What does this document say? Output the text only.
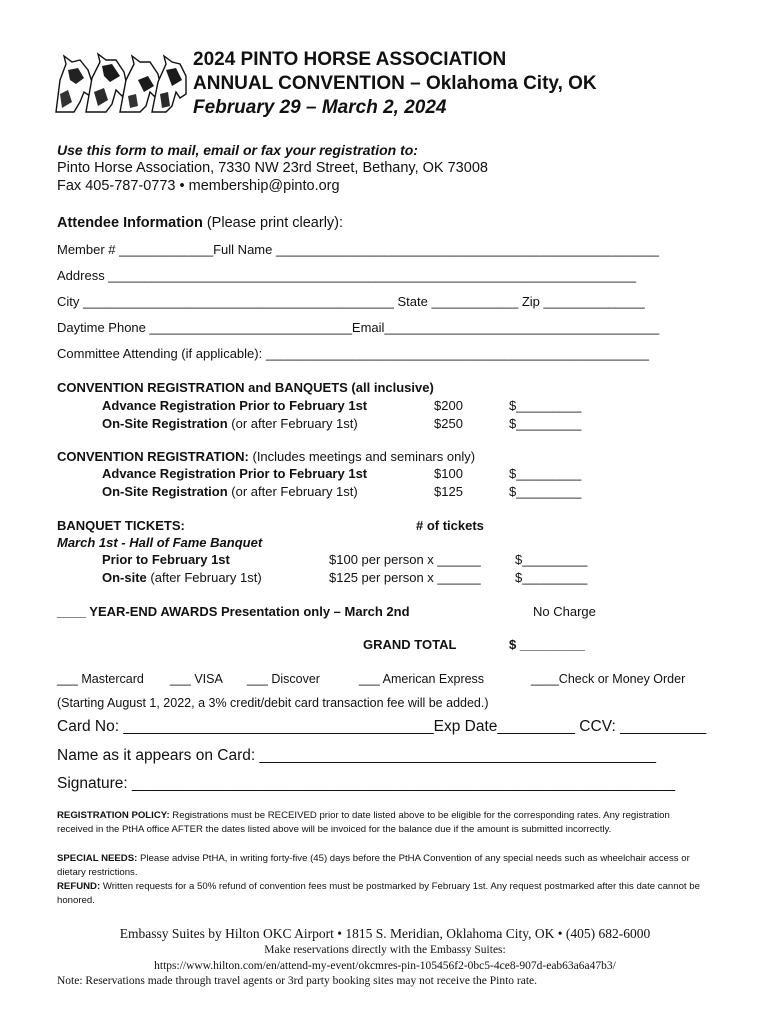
2024 PINTO HORSE ASSOCIATION
ANNUAL CONVENTION – Oklahoma City, OK
February 29 – March 2, 2024
Use this form to mail, email or fax your registration to:
Pinto Horse Association, 7330 NW 23rd Street, Bethany, OK 73008
Fax 405-787-0773 • membership@pinto.org
Attendee Information (Please print clearly):
Member # _____________Full Name _____________________________________________________
Address _________________________________________________________________________
City ___________________________________________ State ____________ Zip ______________
Daytime Phone ____________________________Email______________________________________
Committee Attending (if applicable): _____________________________________________________
CONVENTION REGISTRATION and BANQUETS (all inclusive)
Advance Registration Prior to February 1st	$200	$_________
On-Site Registration (or after February 1st)	$250	$_________
CONVENTION REGISTRATION: (Includes meetings and seminars only)
Advance Registration Prior to February 1st	$100	$_________
On-Site Registration (or after February 1st)	$125	$_________
BANQUET TICKETS:	# of tickets
March 1st - Hall of Fame Banquet
Prior to February 1st	$100 per person x ______	$_________
On-site (after February 1st)	$125 per person x ______	$_________
____ YEAR-END AWARDS Presentation only – March 2nd	No Charge
GRAND TOTAL	$ _________
___ Mastercard ___ VISA ___ Discover	___ American Express	____Check or Money Order
(Starting August 1, 2022, a 3% credit/debit card transaction fee will be added.)
Card No: ____________________________________Exp Date_________ CCV: __________
Name as it appears on Card: ______________________________________________
Signature: _______________________________________________________________
REGISTRATION POLICY: Registrations must be RECEIVED prior to date listed above to be eligible for the corresponding rates. Any registration received in the PtHA office AFTER the dates listed above will be invoiced for the balance due if the amount is submitted incorrectly.
SPECIAL NEEDS: Please advise PtHA, in writing forty-five (45) days before the PtHA Convention of any special needs such as wheelchair access or dietary restrictions.
REFUND: Written requests for a 50% refund of convention fees must be postmarked by February 1st. Any request postmarked after this date cannot be honored.
Embassy Suites by Hilton OKC Airport • 1815 S. Meridian, Oklahoma City, OK • (405) 682-6000
Make reservations directly with the Embassy Suites:
https://www.hilton.com/en/attend-my-event/okcmres-pin-105456f2-0bc5-4ce8-907d-eab63a6a47b3/
Note: Reservations made through travel agents or 3rd party booking sites may not receive the Pinto rate.
